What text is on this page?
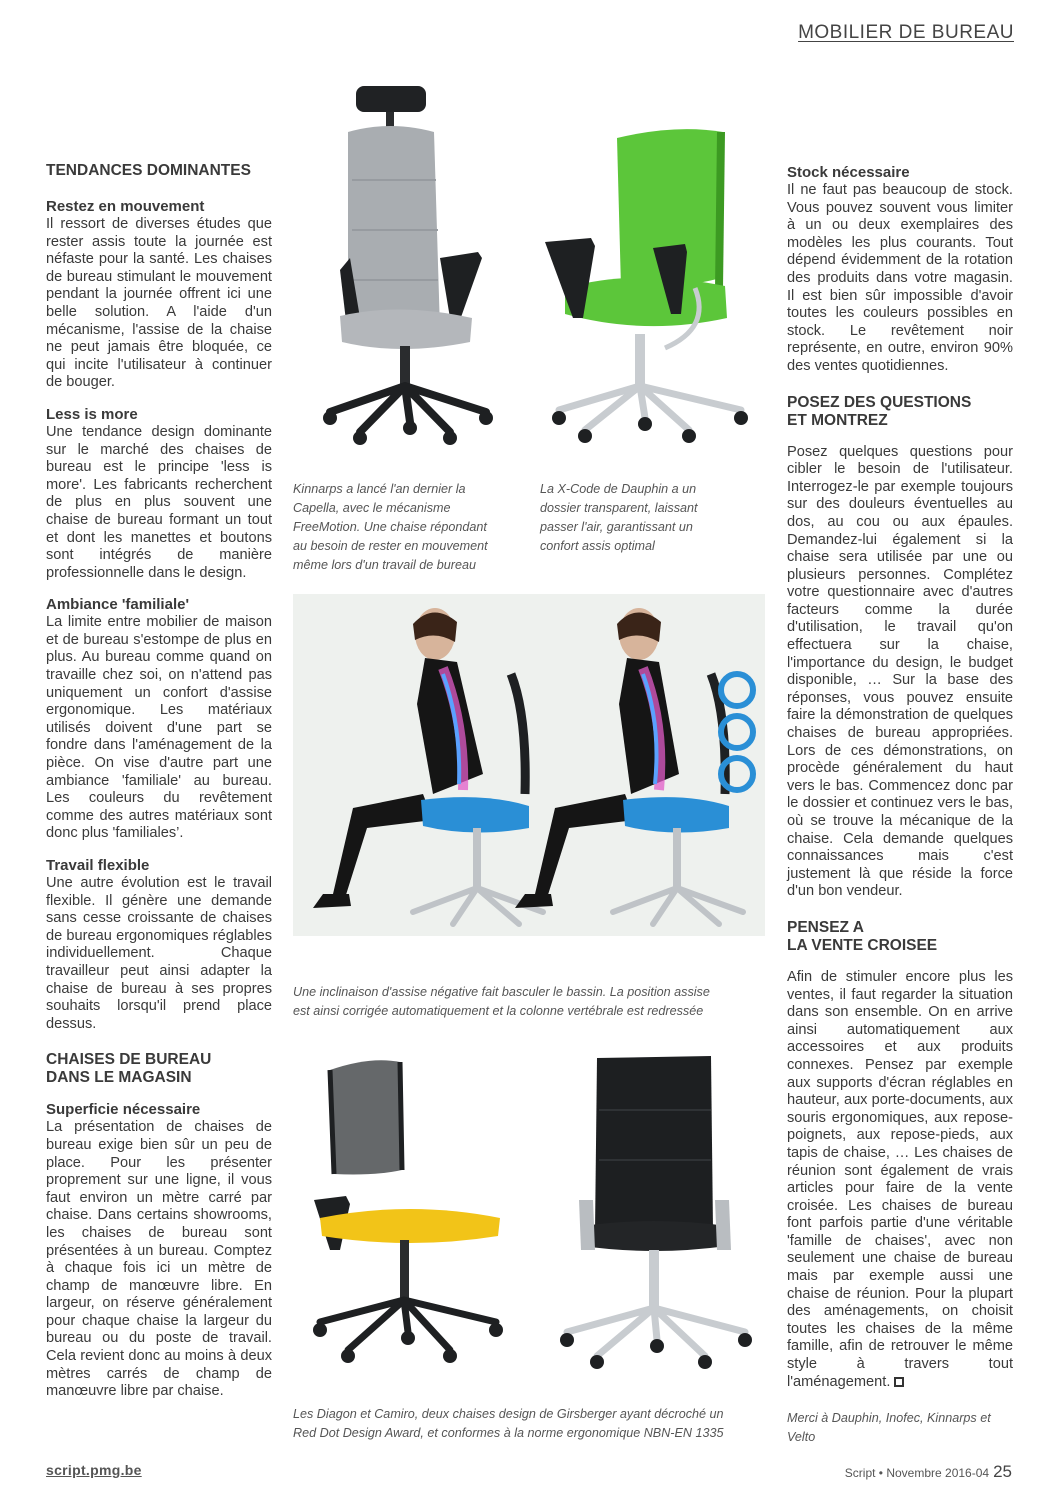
MOBILIER DE BUREAU
TENDANCES DOMINANTES
Restez en mouvement

Il ressort de diverses études que rester assis toute la journée est néfaste pour la santé. Les chaises de bureau stimulant le mouvement pendant la journée offrent ici une belle solution. A l'aide d'un mécanisme, l'assise de la chaise ne peut jamais être bloquée, ce qui incite l'utilisateur à continuer de bouger.

Less is more

Une tendance design dominante sur le marché des chaises de bureau est le principe 'less is more'. Les fabricants recherchent de plus en plus souvent une chaise de bureau formant un tout et dont les manettes et boutons sont intégrés de manière professionnelle dans le design.

Ambiance 'familiale'

La limite entre mobilier de maison et de bureau s'estompe de plus en plus. Au bureau comme quand on travaille chez soi, on n'attend pas uniquement un confort d'assise ergonomique. Les matériaux utilisés doivent d'une part se fondre dans l'aménagement de la pièce. On vise d'autre part une ambiance 'familiale' au bureau. Les couleurs du revêtement comme des autres matériaux sont donc plus 'familiales’.

Travail flexible

Une autre évolution est le travail flexible. Il génère une demande sans cesse croissante de chaises de bureau ergonomiques réglables individuellement. Chaque travailleur peut ainsi adapter la chaise de bureau à ses propres souhaits lorsqu'il prend place dessus.

CHAISES DE BUREAU
DANS LE MAGASIN
Superficie nécessaire

La présentation de chaises de bureau exige bien sûr un peu de place. Pour les présenter proprement sur une ligne, il vous faut environ un mètre carré par chaise. Dans certains showrooms, les chaises de bureau sont présentées à un bureau. Comptez à chaque fois ici un mètre de champ de manœuvre libre. En largeur, on réserve généralement pour chaque chaise la largeur du bureau ou du poste de travail. Cela revient donc au moins à deux mètres carrés de champ de manœuvre libre par chaise.

Stock nécessaire

Il ne faut pas beaucoup de stock. Vous pouvez souvent vous limiter à un ou deux exemplaires des modèles les plus courants. Tout dépend évidemment de la rotation des produits dans votre magasin. Il est bien sûr impossible d'avoir toutes les couleurs possibles en stock. Le revêtement noir représente, en outre, environ 90% des ventes quotidiennes.

POSEZ DES QUESTIONS
ET MONTREZ

Posez quelques questions pour cibler le besoin de l'utilisateur. Interrogez-le par exemple toujours sur des douleurs éventuelles au dos, au cou ou aux épaules. Demandez-lui également si la chaise sera utilisée par une ou plusieurs personnes. Complétez votre questionnaire avec d'autres facteurs comme la durée d'utilisation, le travail qu'on effectuera sur la chaise, l'importance du design, le budget disponible, … Sur la base des réponses, vous pouvez ensuite faire la démonstration de quelques chaises de bureau appropriées. Lors de ces démonstrations, on procède généralement du haut vers le bas. Commencez donc par le dossier et continuez vers le bas, où se trouve la mécanique de la chaise. Cela demande quelques connaissances mais c'est justement là que réside la force d'un bon vendeur.

PENSEZ A
LA VENTE CROISEE

Afin de stimuler encore plus les ventes, il faut regarder la situation dans son ensemble. On en arrive ainsi automatiquement aux accessoires et aux produits connexes. Pensez par exemple aux supports d'écran réglables en hauteur, aux porte-documents, aux souris ergonomiques, aux repose-poignets, aux repose-pieds, aux tapis de chaise, … Les chaises de réunion sont également de vrais articles pour faire de la vente croisée. Les chaises de bureau font parfois partie d'une véritable 'famille de chaises', avec non seulement une chaise de bureau mais par exemple aussi une chaise de réunion. Pour la plupart des aménagements, on choisit toutes les chaises de la même famille, afin de retrouver le même style à travers tout l'aménagement.

Merci à Dauphin, Inofec, Kinnarps et Velto

Kinnarps a lancé l'an dernier la Capella, avec le mécanisme FreeMotion. Une chaise répondant au besoin de rester en mouvement même lors d'un travail de bureau
La X-Code de Dauphin a un dossier transparent, laissant passer l'air, garantissant un confort assis optimal
Une inclinaison d'assise négative fait basculer le bassin. La position assise
est ainsi corrigée automatiquement et la colonne vertébrale est redressée
Les Diagon et Camiro, deux chaises design de Girsberger ayant décroché un
Red Dot Design Award, et conformes à la norme ergonomique NBN-EN 1335
script.pmg.be	Script • Novembre 2016-04 25
